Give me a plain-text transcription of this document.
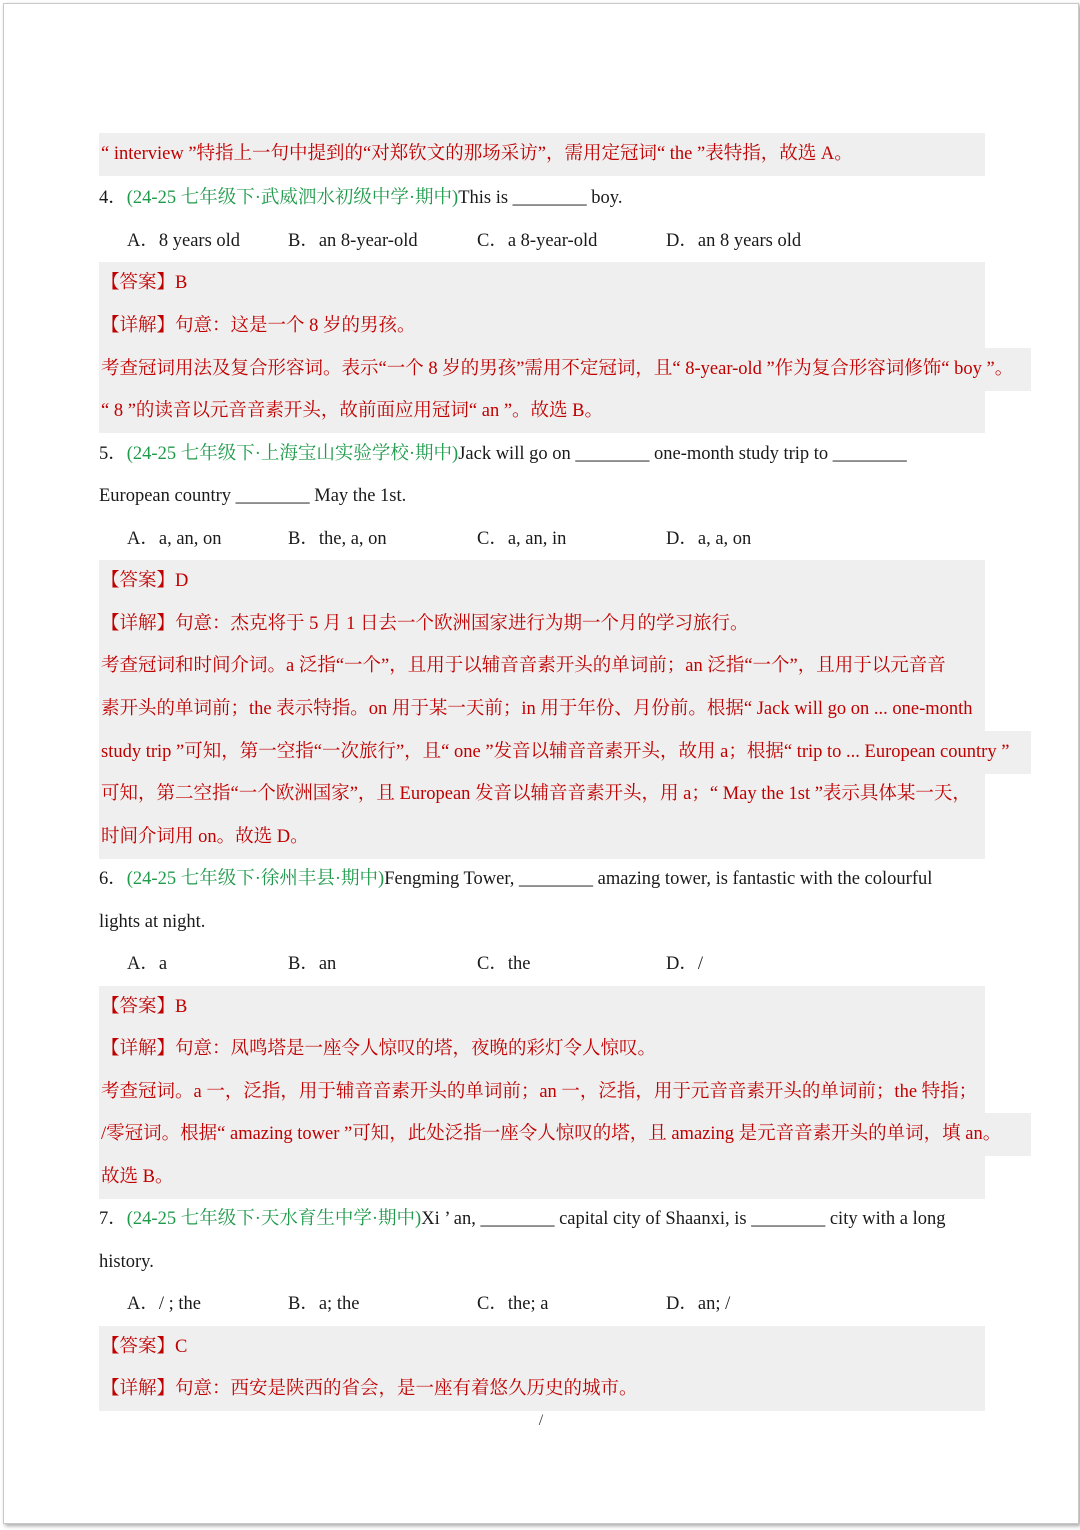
“ interview ”特指上一句中提到的“对郑钦文的那场采访”，需用定冠词“ the ”表特指，故选 A。
4．(24-25 七年级下·武威泗水初级中学·期中)This is ________ boy.
A．8 years old	B．an 8-year-old	C．a 8-year-old	D．an 8 years old
【答案】B
【详解】句意：这是一个 8 岁的男孩。
考查冠词用法及复合形容词。表示“一个 8 岁的男孩”需用不定冠词，且“ 8-year-old ”作为复合形容词修饰“ boy ”。
“ 8 ”的读音以元音音素开头，故前面应用冠词“ an ”。故选 B。
5．(24-25 七年级下·上海宝山实验学校·期中)Jack will go on ________ one-month study trip to ________
European country ________ May the 1st.
A．a, an, on	B．the, a, on	C．a, an, in	D．a, a, on
【答案】D
【详解】句意：杰克将于 5 月 1 日去一个欧洲国家进行为期一个月的学习旅行。
考查冠词和时间介词。a 泛指“一个”，且用于以辅音音素开头的单词前；an 泛指“一个”，且用于以元音音
素开头的单词前；the 表示特指。on 用于某一天前；in 用于年份、月份前。根据“ Jack will go on ... one-month
study trip ”可知，第一空指“一次旅行”，且“ one ”发音以辅音音素开头，故用 a；根据“ trip to ... European country ”
可知，第二空指“一个欧洲国家”，且 European 发音以辅音音素开头，用 a；“ May the 1st ”表示具体某一天，
时间介词用 on。故选 D。
6．(24-25 七年级下·徐州丰县·期中)Fengming Tower, ________ amazing tower, is fantastic with the colourful
lights at night.
A．a	B．an	C．the	D．/
【答案】B
【详解】句意：凤鸣塔是一座令人惊叹的塔，夜晚的彩灯令人惊叹。
考查冠词。a 一，泛指，用于辅音音素开头的单词前；an 一，泛指，用于元音音素开头的单词前；the 特指；
/零冠词。根据“ amazing tower ”可知，此处泛指一座令人惊叹的塔，且 amazing 是元音音素开头的单词，填 an。
故选 B。
7．(24-25 七年级下·天水育生中学·期中)Xi ’ an, ________ capital city of Shaanxi, is ________ city with a long
history.
A．/ ; the	B．a; the	C．the; a	D．an; /
【答案】C
【详解】句意：西安是陕西的省会，是一座有着悠久历史的城市。
/
